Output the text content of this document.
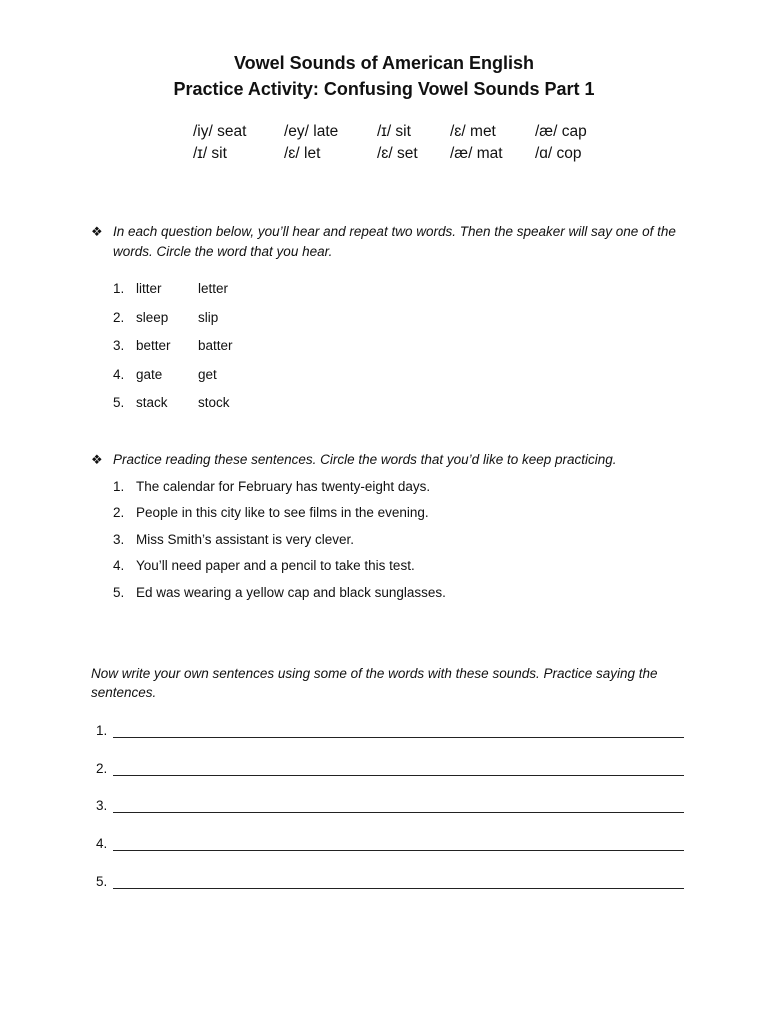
Vowel Sounds of American English
Practice Activity: Confusing Vowel Sounds Part 1
/iy/ seat /ey/ late /ɪ/ sit	/ɛ/ met	/æ/ cap
/ɪ/ sit	/ɛ/ let	/ɛ/ set /æ/ mat /ɑ/ cop
❖ In each question below, you’ll hear and repeat two words. Then the speaker will say one of the words. Circle the word that you hear.
1. litter	letter
2. sleep slip
3. better batter
4. gate	get
5. stack stock
❖ Practice reading these sentences. Circle the words that you’d like to keep practicing.
1. The calendar for February has twenty-eight days.
2. People in this city like to see films in the evening.
3. Miss Smith’s assistant is very clever.
4. You’ll need paper and a pencil to take this test.
5. Ed was wearing a yellow cap and black sunglasses.
Now write your own sentences using some of the words with these sounds. Practice saying the sentences.
1.
2.
3.
4.
5.
